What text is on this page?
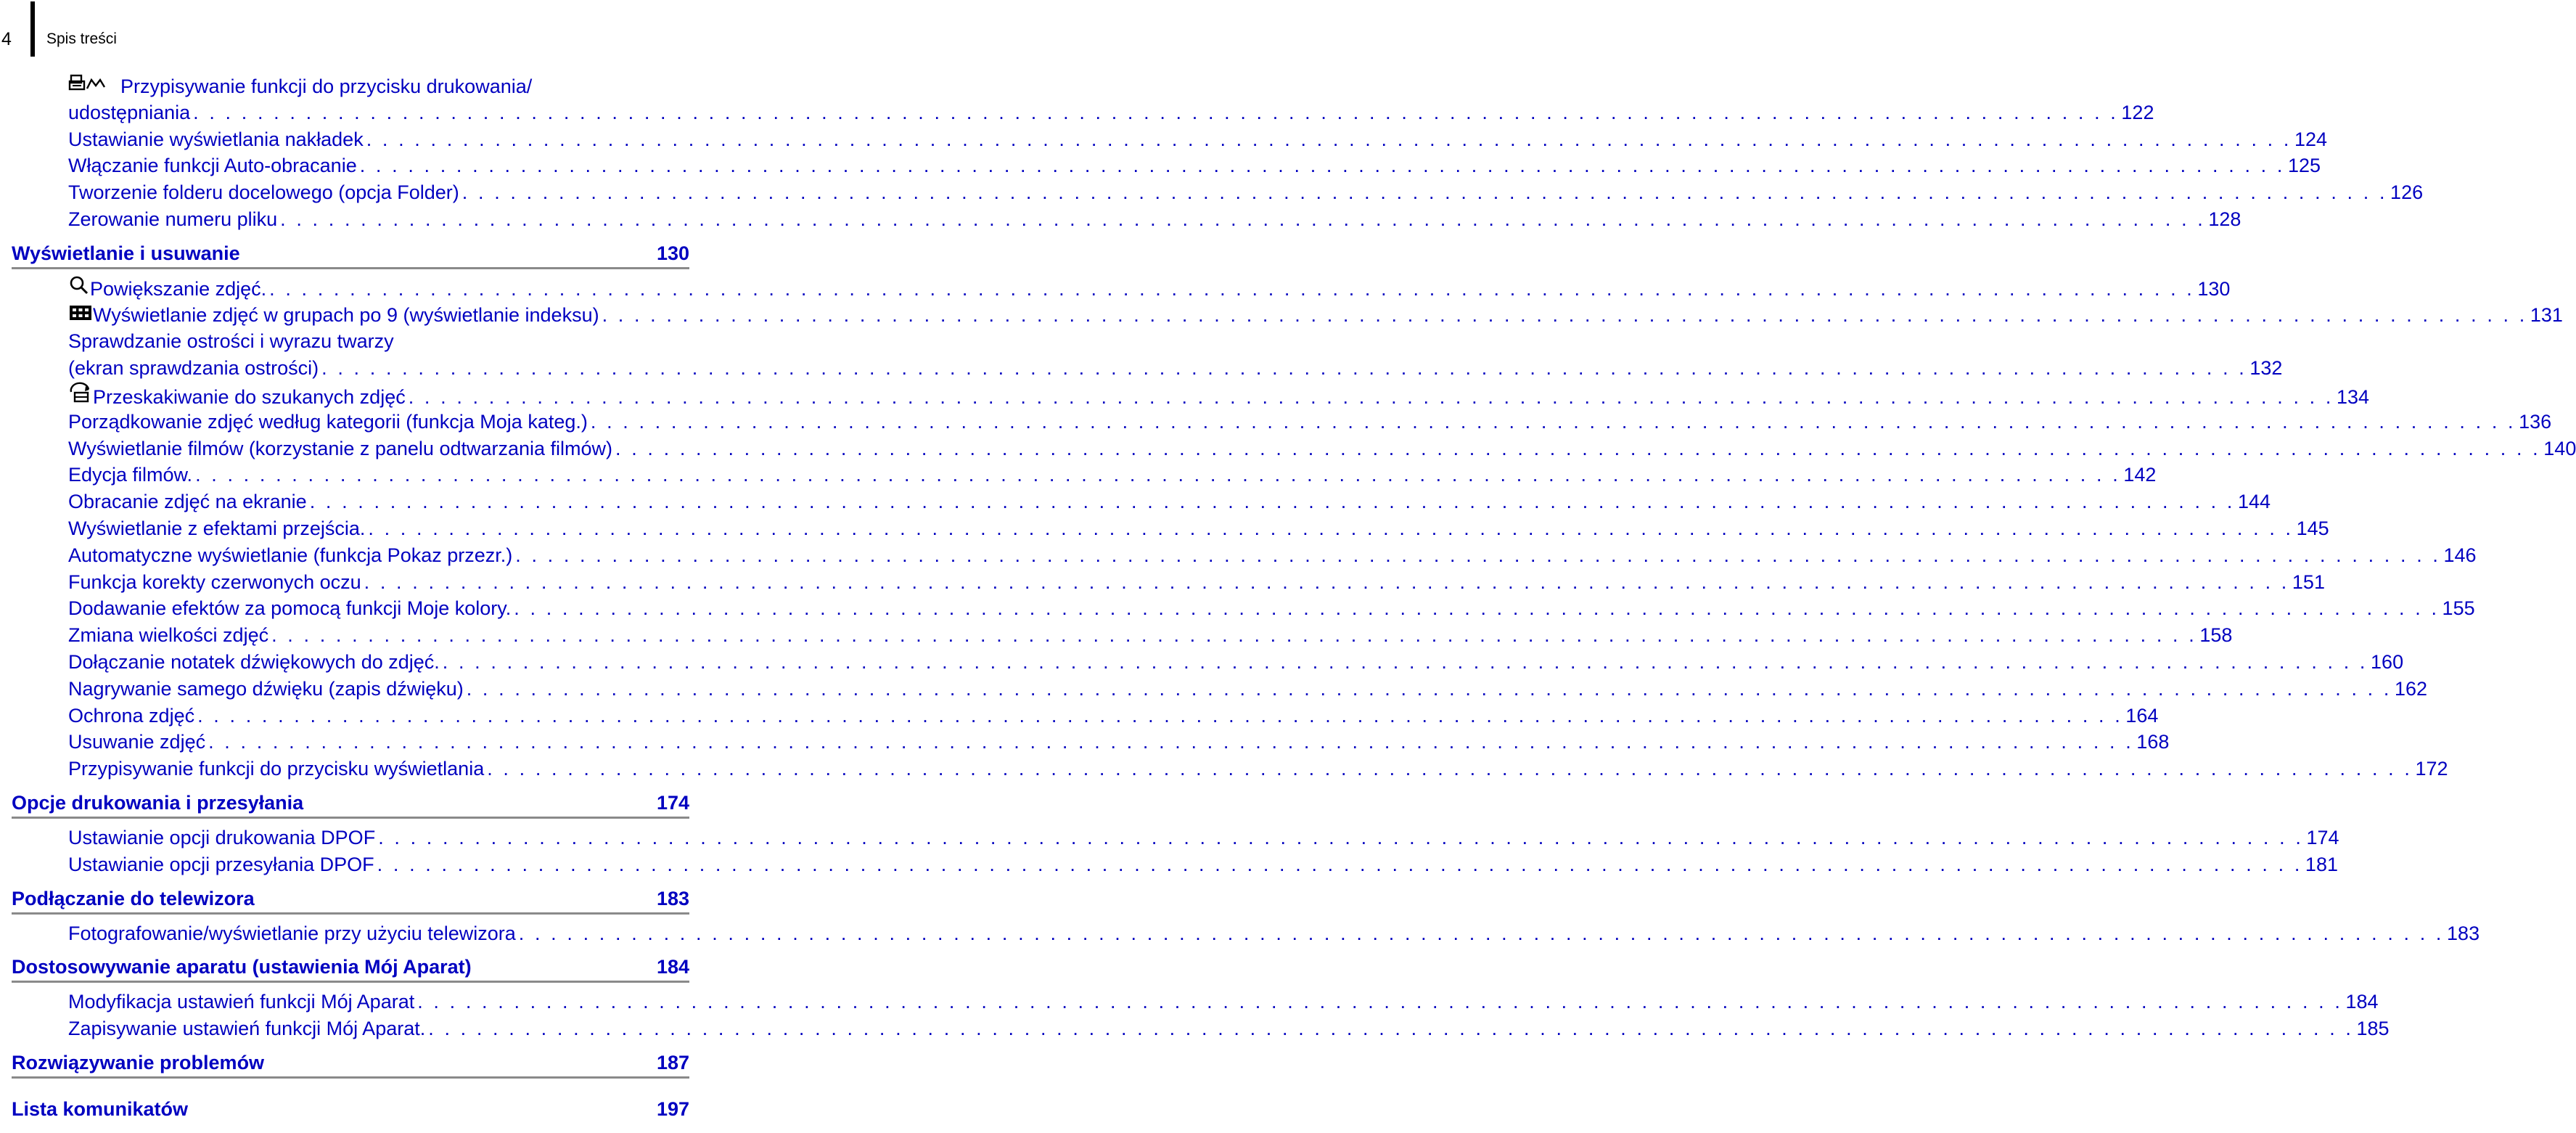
4 Spis treści
Przypisywanie funkcji do przycisku drukowania/
udostępniania . . . . . . . . . . . . . . . . . . . . . . . . . . . . . . . . . . . . . . . . . . . . . . . . . . . . . . . . . . . . . . . . . . . . . . . . . . . . . . . . . . . . . . . . . . . . . . . . . . . . . . . . . . . . . . . . . . . . . . . . 122
Ustawianie wyświetlania nakładek . . . . . . . . . . . . . . . . . . . . . . . . . . . . . . . . . . . . . . . . . . . . . . . . . . . . . . . . . . . . . . . . . . . . . . . . . . . . . . . . . . . . . . . . . . . . . . . . . . . . . . . . . . . . . . . . . . . . . . . . 124
Włączanie funkcji Auto-obracanie . . . . . . . . . . . . . . . . . . . . . . . . . . . . . . . . . . . . . . . . . . . . . . . . . . . . . . . . . . . . . . . . . . . . . . . . . . . . . . . . . . . . . . . . . . . . . . . . . . . . . . . . . . . . . . . . . . . . . . . . 125
Tworzenie folderu docelowego (opcja Folder) . . . . . . . . . . . . . . . . . . . . . . . . . . . . . . . . . . . . . . . . . . . . . . . . . . . . . . . . . . . . . . . . . . . . . . . . . . . . . . . . . . . . . . . . . . . . . . . . . . . . . . . . . . . . . . . . . . . . . . . . 126
Zerowanie numeru pliku . . . . . . . . . . . . . . . . . . . . . . . . . . . . . . . . . . . . . . . . . . . . . . . . . . . . . . . . . . . . . . . . . . . . . . . . . . . . . . . . . . . . . . . . . . . . . . . . . . . . . . . . . . . . . . . . . . . . . . . . 128
Wyświetlanie i usuwanie	130
Powiększanie zdjęć. . . . . . . . . . . . . . . . . . . . . . . . . . . . . . . . . . . . . . . . . . . . . . . . . . . . . . . . . . . . . . . . . . . . . . . . . . . . . . . . . . . . . . . . . . . . . . . . . . . . . . . . . . . . . . . . . . . . . . . . . 130
Wyświetlanie zdjęć w grupach po 9 (wyświetlanie indeksu) . . . . . . . . . . . . . . . . . . . . . . . . . . . . . . . . . . . . . . . . . . . . . . . . . . . . . . . . . . . . . . . . . . . . . . . . . . . . . . . . . . . . . . . . . . . . . . . . . . . . . . . . . . . . . . . . . . . . . . . . 131
Sprawdzanie ostrości i wyrazu twarzy
(ekran sprawdzania ostrości) . . . . . . . . . . . . . . . . . . . . . . . . . . . . . . . . . . . . . . . . . . . . . . . . . . . . . . . . . . . . . . . . . . . . . . . . . . . . . . . . . . . . . . . . . . . . . . . . . . . . . . . . . . . . . . . . . . . . . . . . 132
Przeskakiwanie do szukanych zdjęć . . . . . . . . . . . . . . . . . . . . . . . . . . . . . . . . . . . . . . . . . . . . . . . . . . . . . . . . . . . . . . . . . . . . . . . . . . . . . . . . . . . . . . . . . . . . . . . . . . . . . . . . . . . . . . . . . . . . . . . . 134
Porządkowanie zdjęć według kategorii (funkcja Moja kateg.) . . . . . . . . . . . . . . . . . . . . . . . . . . . . . . . . . . . . . . . . . . . . . . . . . . . . . . . . . . . . . . . . . . . . . . . . . . . . . . . . . . . . . . . . . . . . . . . . . . . . . . . . . . . . . . . . . . . . . . . . 136
Wyświetlanie filmów (korzystanie z panelu odtwarzania filmów) . . . . . . . . . . . . . . . . . . . . . . . . . . . . . . . . . . . . . . . . . . . . . . . . . . . . . . . . . . . . . . . . . . . . . . . . . . . . . . . . . . . . . . . . . . . . . . . . . . . . . . . . . . . . . . . . . . . . . . . . 140
Edycja filmów. . . . . . . . . . . . . . . . . . . . . . . . . . . . . . . . . . . . . . . . . . . . . . . . . . . . . . . . . . . . . . . . . . . . . . . . . . . . . . . . . . . . . . . . . . . . . . . . . . . . . . . . . . . . . . . . . . . . . . . . . 142
Obracanie zdjęć na ekranie . . . . . . . . . . . . . . . . . . . . . . . . . . . . . . . . . . . . . . . . . . . . . . . . . . . . . . . . . . . . . . . . . . . . . . . . . . . . . . . . . . . . . . . . . . . . . . . . . . . . . . . . . . . . . . . . . . . . . . . . 144
Wyświetlanie z efektami przejścia. . . . . . . . . . . . . . . . . . . . . . . . . . . . . . . . . . . . . . . . . . . . . . . . . . . . . . . . . . . . . . . . . . . . . . . . . . . . . . . . . . . . . . . . . . . . . . . . . . . . . . . . . . . . . . . . . . . . . . . . . 145
Automatyczne wyświetlanie (funkcja Pokaz przezr.) . . . . . . . . . . . . . . . . . . . . . . . . . . . . . . . . . . . . . . . . . . . . . . . . . . . . . . . . . . . . . . . . . . . . . . . . . . . . . . . . . . . . . . . . . . . . . . . . . . . . . . . . . . . . . . . . . . . . . . . . 146
Funkcja korekty czerwonych oczu . . . . . . . . . . . . . . . . . . . . . . . . . . . . . . . . . . . . . . . . . . . . . . . . . . . . . . . . . . . . . . . . . . . . . . . . . . . . . . . . . . . . . . . . . . . . . . . . . . . . . . . . . . . . . . . . . . . . . . . . 151
Dodawanie efektów za pomocą funkcji Moje kolory. . . . . . . . . . . . . . . . . . . . . . . . . . . . . . . . . . . . . . . . . . . . . . . . . . . . . . . . . . . . . . . . . . . . . . . . . . . . . . . . . . . . . . . . . . . . . . . . . . . . . . . . . . . . . . . . . . . . . . . . . 155
Zmiana wielkości zdjęć . . . . . . . . . . . . . . . . . . . . . . . . . . . . . . . . . . . . . . . . . . . . . . . . . . . . . . . . . . . . . . . . . . . . . . . . . . . . . . . . . . . . . . . . . . . . . . . . . . . . . . . . . . . . . . . . . . . . . . . . 158
Dołączanie notatek dźwiękowych do zdjęć. . . . . . . . . . . . . . . . . . . . . . . . . . . . . . . . . . . . . . . . . . . . . . . . . . . . . . . . . . . . . . . . . . . . . . . . . . . . . . . . . . . . . . . . . . . . . . . . . . . . . . . . . . . . . . . . . . . . . . . . . 160
Nagrywanie samego dźwięku (zapis dźwięku) . . . . . . . . . . . . . . . . . . . . . . . . . . . . . . . . . . . . . . . . . . . . . . . . . . . . . . . . . . . . . . . . . . . . . . . . . . . . . . . . . . . . . . . . . . . . . . . . . . . . . . . . . . . . . . . . . . . . . . . . 162
Ochrona zdjęć . . . . . . . . . . . . . . . . . . . . . . . . . . . . . . . . . . . . . . . . . . . . . . . . . . . . . . . . . . . . . . . . . . . . . . . . . . . . . . . . . . . . . . . . . . . . . . . . . . . . . . . . . . . . . . . . . . . . . . . . 164
Usuwanie zdjęć . . . . . . . . . . . . . . . . . . . . . . . . . . . . . . . . . . . . . . . . . . . . . . . . . . . . . . . . . . . . . . . . . . . . . . . . . . . . . . . . . . . . . . . . . . . . . . . . . . . . . . . . . . . . . . . . . . . . . . . . 168
Przypisywanie funkcji do przycisku wyświetlania . . . . . . . . . . . . . . . . . . . . . . . . . . . . . . . . . . . . . . . . . . . . . . . . . . . . . . . . . . . . . . . . . . . . . . . . . . . . . . . . . . . . . . . . . . . . . . . . . . . . . . . . . . . . . . . . . . . . . . . . 172
Opcje drukowania i przesyłania	174
Ustawianie opcji drukowania DPOF . . . . . . . . . . . . . . . . . . . . . . . . . . . . . . . . . . . . . . . . . . . . . . . . . . . . . . . . . . . . . . . . . . . . . . . . . . . . . . . . . . . . . . . . . . . . . . . . . . . . . . . . . . . . . . . . . . . . . . . . 174
Ustawianie opcji przesyłania DPOF . . . . . . . . . . . . . . . . . . . . . . . . . . . . . . . . . . . . . . . . . . . . . . . . . . . . . . . . . . . . . . . . . . . . . . . . . . . . . . . . . . . . . . . . . . . . . . . . . . . . . . . . . . . . . . . . . . . . . . . . 181
Podłączanie do telewizora	183
Fotografowanie/wyświetlanie przy użyciu telewizora . . . . . . . . . . . . . . . . . . . . . . . . . . . . . . . . . . . . . . . . . . . . . . . . . . . . . . . . . . . . . . . . . . . . . . . . . . . . . . . . . . . . . . . . . . . . . . . . . . . . . . . . . . . . . . . . . . . . . . . . 183
Dostosowywanie aparatu (ustawienia Mój Aparat)	184
Modyfikacja ustawień funkcji Mój Aparat . . . . . . . . . . . . . . . . . . . . . . . . . . . . . . . . . . . . . . . . . . . . . . . . . . . . . . . . . . . . . . . . . . . . . . . . . . . . . . . . . . . . . . . . . . . . . . . . . . . . . . . . . . . . . . . . . . . . . . . . 184
Zapisywanie ustawień funkcji Mój Aparat. . . . . . . . . . . . . . . . . . . . . . . . . . . . . . . . . . . . . . . . . . . . . . . . . . . . . . . . . . . . . . . . . . . . . . . . . . . . . . . . . . . . . . . . . . . . . . . . . . . . . . . . . . . . . . . . . . . . . . . . . 185
Rozwiązywanie problemów	187
Lista komunikatów	197
